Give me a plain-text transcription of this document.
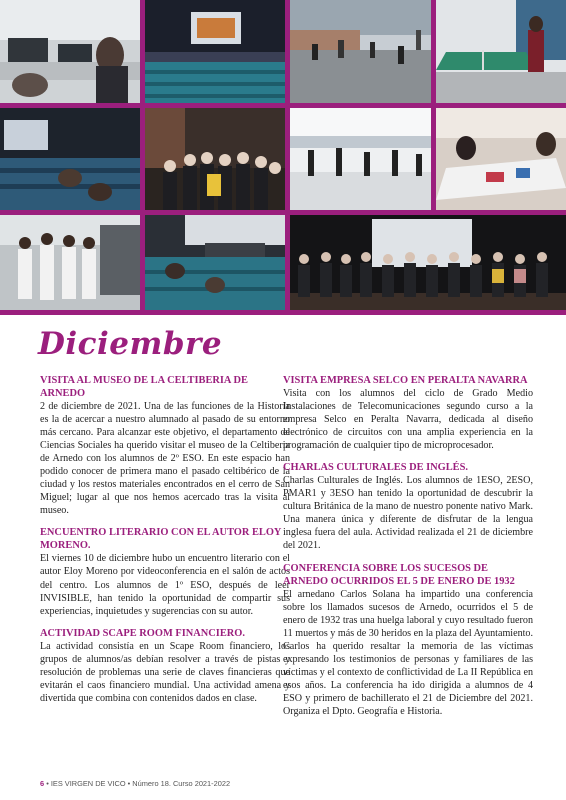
Diciembre

VISITA AL MUSEO DE LA CELTIBERIA DE ARNEDO

2 de diciembre de 2021. Una de las funciones de la Historia es la de acercar a nuestro alumnado al pasado de su entorno más cercano. Para alcanzar este objetivo, el departamento de Ciencias Sociales ha querido visitar el museo de la Celtiberia de Arnedo con los alumnos de 2º ESO. En este espacio han podido conocer de primera mano el pasado celtibérico de la ciudad y los restos materiales encontrados en el cerro de San Miguel; lugar al que nos hemos acercado tras la visita al museo.

ENCUENTRO LITERARIO CON EL AUTOR ELOY MORENO.

El viernes 10 de diciembre hubo un encuentro literario con el autor Eloy Moreno por videoconferencia en el salón de actos del centro. Los alumnos de 1º ESO, después de leer INVISIBLE, han tenido la oportunidad de compartir sus experiencias, inquietudes y sugerencias con su autor.

ACTIVIDAD SCAPE ROOM FINANCIERO.

La actividad consistía en un Scape Room financiero, los grupos de alumnos/as debían resolver a través de pistas y resolución de problemas una serie de claves financieras que evitarán el caos financiero mundial. Una actividad amena y divertida que combina con contenidos dados en clase.

VISITA EMPRESA SELCO EN PERALTA NAVARRA

Visita con los alumnos del ciclo de Grado Medio Instalaciones de Telecomunicaciones segundo curso a la empresa Selco en Peralta Navarra, dedicada al diseño electrónico de circuitos con una amplia experiencia en la programación de cualquier tipo de microprocesador.

CHARLAS CULTURALES DE INGLÉS.

Charlas Culturales de Inglés. Los alumnos de 1ESO, 2ESO, PMAR1 y 3ESO han tenido la oportunidad de descubrir la cultura Británica de la mano de nuestro ponente nativo Mark. Una manera única y diferente de disfrutar de la lengua inglesa fuera del aula. Actividad realizada el 21 de diciembre del 2021.

CONFERENCIA SOBRE LOS SUCESOS DE ARNEDO OCURRIDOS EL 5 DE ENERO DE 1932

El arnedano Carlos Solana ha impartido una conferencia sobre los llamados sucesos de Arnedo, ocurridos el 5 de enero de 1932 tras una huelga laboral y cuyo resultado fueron 11 muertos y más de 30 heridos en la plaza del Ayuntamiento. Carlos ha querido resaltar la memoria de las víctimas expresando los testimonios de personas y familiares de las víctimas y el contexto de conflictividad de La II República en esos años. La conferencia ha ido dirigida a alumnos de 4 ESO y primero de bachillerato el 21 de Diciembre del 2021. Organiza el Dpto. Geografía e Historia.

6 • IES VIRGEN DE VICO • Número 18. Curso 2021-2022
